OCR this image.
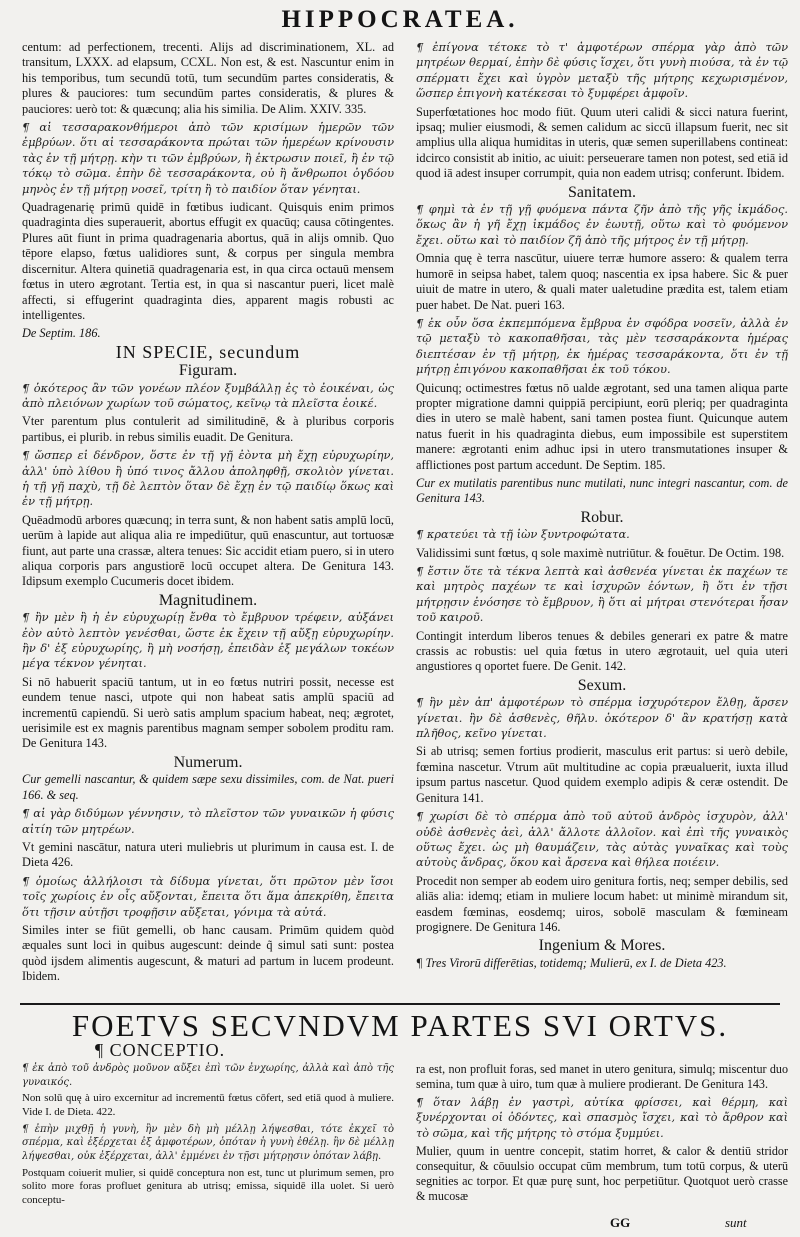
HIPPOCRATEA.

centum: ad perfectionem, trecenti. Alijs ad discriminationem, XL. ad transitum, LXXX. ad elapsum, CCXL. Non est, & est. Nascuntur enim in his temporibus, tum secundū totū, tum secundūm partes consideratis, & plures & pauciores: tum secundūm partes consideratis, & plures & pauciores: uerò tot: & quæcunq; alia his similia. De Alim. XXIV. 335.

¶ αἱ τεσσαρακονθήμεροι ἀπὸ τῶν κρισίμων ἡμερῶν τῶν ἐμβρύων. ὅτι αἱ τεσσαράκοντα πρώται τῶν ἡμερέων κρίνουσιν τὰς ἐν τῇ μήτρῃ. κὴν τι τῶν ἐμβρύων, ἢ ἐκτρωσιν ποιεῖ, ἢ ἐν τῷ τόκῳ τὸ σῶμα. ἐπὴν δὲ τεσσαράκοντα, οὐ ἢ ἄνθρωποι ὀγδόου μηνὸς ἐν τῇ μήτρῃ νοσεῖ, τρίτη ἢ τὸ παιδίον ὅταν γένηται.

Quadragenarię primū quidē in fœtibus iudicant. Quisquis enim primos quadraginta dies superauerit, abortus effugit ex quacūq; causa cōtingentes. Plures aūt fiunt in prima quadragenaria abortus, quā in alijs omnib. Quo tēpore elapso, fœtus ualidiores sunt, & corpus per singula membra discernitur. Altera quinetiā quadragenaria est, in qua circa octauū mensem fœtus in utero ægrotant. Tertia est, in qua si nascantur pueri, licet malè affecti, si effugerint quadraginta dies, apparent magis robusti ac intelligentes.

De Septim. 186.

IN SPECIE, secundum
Figuram.

¶ ὁκότερος ἂν τῶν γονέων πλέον ξυμβάλλῃ ἐς τὸ ἐοικέναι, ὡς ἀπὸ πλειόνων χωρίων τοῦ σώματος, κεῖνῳ τὰ πλεῖστα ἐοικέ.

Vter parentum plus contulerit ad similitudinē, & à pluribus corporis partibus, ei plurib. in rebus similis euadit. De Genitura.

¶ ὥσπερ εἰ δένδρον, ὅστε ἐν τῇ γῇ ἐὸντα μὴ ἔχῃ εὐρυχωρίην, ἀλλ' ὑπὸ λίθου ἢ ὑπό τινος ἄλλου ἀποληφθῇ, σκολιὸν γίνεται. ἡ τῇ γῇ παχὺ, τῇ δὲ λεπτὸν ὅταν δὲ ἔχῃ ἐν τῷ παιδίῳ ὅκως καὶ ἐν τῇ μήτρῃ.

Quēadmodū arbores quæcunq; in terra sunt, & non habent satis amplū locū, uerūm à lapide aut aliqua alia re impediūtur, quū enascuntur, aut tortuosæ fiunt, aut parte una crassæ, altera tenues: Sic accidit etiam puero, si in utero aliqua corporis pars angustiorē locū occupet altera. De Genitura 143. Idipsum exemplo Cucumeris docet ibidem.

Magnitudinem.

¶ ἢν μὲν ἢ ἡ ἐν εὐρυχωρίῃ ἔνθα τὸ ἔμβρυον τρέφειν, αὐξάνει ἐὸν αὐτὸ λεπτὸν γενέσθαι, ὥστε ἐκ ἔχειν τῇ αὔξῃ εὐρυχωρίην. ἢν δ' ἐξ εὐρυχωρίης, ἢ μὴ νοσήσῃ, ἐπειδὰν ἐξ μεγάλων τοκέων μέγα τέκνον γένηται.

Si nō habuerit spaciū tantum, ut in eo fœtus nutriri possit, necesse est eundem tenue nasci, utpote qui non habeat satis amplū spaciū ad incrementū capiendū. Si uerò satis amplum spacium habeat, neq; ægrotet, uerisimile est ex magnis parentibus magnam semper sobolem proditu ram. De Genitura 143.

Numerum.

Cur gemelli nascantur, & quidem sæpe sexu dissimiles, com. de Nat. pueri 166. & seq.

¶ αἱ γὰρ διδύμων γέννησιν, τὸ πλεῖστον τῶν γυναικῶν ἡ φύσις αἰτίη τῶν μητρέων.

Vt gemini nascātur, natura uteri muliebris ut plurimum in causa est. I. de Dieta 426.

¶ ὁμοίως ἀλλήλοισι τὰ δίδυμα γίνεται, ὅτι πρῶτον μὲν ἴσοι τοῖς χωρίοις ἐν οἷς αὔξονται, ἔπειτα ὅτι ἅμα ἀπεκρίθη, ἔπειτα ὅτι τῇσιν αὐτῇσι τροφῇσιν αὔξεται, γόνιμα τὰ αὐτά.

Similes inter se fiūt gemelli, ob hanc causam. Primūm quidem quòd æquales sunt loci in quibus augescunt: deinde q̃ simul sati sunt: postea quòd ijsdem alimentis augescunt, & maturi ad partum in lucem prodeunt. Ibidem.

¶ ἐπίγονα τέτοκε τὸ τ' ἀμφοτέρων σπέρμα γὰρ ἀπὸ τῶν μητρέων θερμαί, ἐπὴν δὲ φύσις ἴσχει, ὅτι γυνὴ πιούσα, τὰ ἐν τῷ σπέρματι ἔχει καὶ ὑγρὸν μεταξὺ τῆς μήτρης κεχωρισμένον, ὥσπερ ἐπιγονὴ κατέκεσαι τὸ ξυμφέρει ἀμφοῖν.

Superfœtationes hoc modo fiūt. Quum uteri calidi & sicci natura fuerint, ipsaq; mulier eiusmodi, & semen calidum ac siccū illapsum fuerit, nec sit amplius ulla aliqua humiditas in uteris, quæ semen superillabens contineat: idcirco consistit ab initio, ac uiuit: perseuerare tamen non potest, sed etiā id quod iā adest insuper corrumpit, quia non eadem utrisq; conferunt. Ibidem.

Sanitatem.

¶ φημὶ τὰ ἐν τῇ γῇ φυόμενα πάντα ζῆν ἀπὸ τῆς γῆς ἰκμάδος. ὅκως ἂν ἡ γῆ ἔχῃ ἰκμάδος ἐν ἑωυτῇ, οὕτω καὶ τὸ φυόμενον ἔχει. οὕτω καὶ τὸ παιδίον ζῆ ἀπὸ τῆς μήτρος ἐν τῇ μήτρῃ.

Omnia quę è terra nascūtur, uiuere terræ humore assero: & qualem terra humorē in seipsa habet, talem quoq; nascentia ex ipsa habere. Sic & puer uiuit de matre in utero, & quali mater ualetudine prædita est, talem etiam puer habet. De Nat. pueri 163.

¶ ἐκ οὖν ὅσα ἐκπεμπόμενα ἔμβρυα ἐν σφόδρα νοσεῖν, ἀλλὰ ἐν τῷ μεταξὺ τὸ κακοπαθῆσαι, τὰς μὲν τεσσαράκοντα ἡμέρας διεπτέσαν ἐν τῇ μήτρῃ, ἐκ ἡμέρας τεσσαράκοντα, ὅτι ἐν τῇ μήτρῃ ἐπιγόνου κακοπαθῆσαι ἐκ τοῦ τόκου.

Quicunq; octimestres fœtus nō ualde ægrotant, sed una tamen aliqua parte propter migratione damni quippiā percipiunt, eorū pleriq; per quadraginta dies in utero se malè habent, sani tamen postea fiunt. Quicunque autem natus fuerit in his quadraginta diebus, eum impossibile est superstitem manere: ægrotanti enim adhuc ipsi in utero transmutationes insuper & afflictiones post partum accedunt. De Septim. 185.

Cur ex mutilatis parentibus nunc mutilati, nunc integri nascantur, com. de Genitura 143.

Robur.

¶ κρατεύει τὰ τῇ ἰὼν ξυντροφώτατα.

Validissimi sunt fœtus, q sole maximè nutriūtur. & fouētur. De Octim. 198.

¶ ἔστιν ὅτε τὰ τέκνα λεπτὰ καὶ ἀσθενέα γίνεται ἐκ παχέων τε καὶ μητρὸς παχέων τε καὶ ἰσχυρῶν ἐόντων, ἢ ὅτι ἐν τῇσι μήτρῃσιν ἐνόσησε τὸ ἔμβρυον, ἢ ὅτι αἱ μήτραι στενότεραι ἦσαν τοῦ καιροῦ.

Contingit interdum liberos tenues & debiles generari ex patre & matre crassis ac robustis: uel quia fœtus in utero ægrotauit, uel quia uteri angustiores q oportet fuere. De Genit. 142.

Sexum.

¶ ἢν μὲν ἀπ' ἀμφοτέρων τὸ σπέρμα ἰσχυρότερον ἔλθῃ, ἄρσεν γίνεται. ἢν δὲ ἀσθενὲς, θῆλυ. ὁκότερον δ' ἂν κρατήσῃ κατὰ πλῆθος, κεῖνο γίνεται.

Si ab utrisq; semen fortius prodierit, masculus erit partus: si uerò debile, fœmina nascetur. Vtrum aūt multitudine ac copia præualuerit, iuxta illud ipsum partus nascetur. Quod quidem exemplo adipis & ceræ ostendit. De Genitura 141.

¶ χωρίσι δὲ τὸ σπέρμα ἀπὸ τοῦ αὐτοῦ ἀνδρὸς ἰσχυρὸν, ἀλλ' οὐδὲ ἀσθενὲς ἀεὶ, ἀλλ' ἄλλοτε ἀλλοῖον. καὶ ἐπὶ τῆς γυναικὸς οὕτως ἔχει. ὡς μὴ θαυμάζειν, τὰς αὐτὰς γυναῖκας καὶ τοὺς αὐτοὺς ἄνδρας, ὅκου καὶ ἄρσενα καὶ θήλεα ποιέειν.

Procedit non semper ab eodem uiro genitura fortis, neq; semper debilis, sed aliās alia: idemq; etiam in muliere locum habet: ut minimè mirandum sit, easdem fœminas, eosdemq; uiros, sobolē masculam & fœmineam progignere. De Genitura 146.

Ingenium & Mores.

¶ Tres Virorū differētias, totidemq; Mulierū, ex I. de Dieta 423.

FOETVS SECVNDVM PARTES SVI ORTVS.
¶ CONCEPTIO.

¶ ἐκ ἀπὸ τοῦ ἀνδρὸς μοῦνον αὔξει ἐπὶ τῶν ἐνχωρίης, ἀλλὰ καὶ ἀπὸ τῆς γυναικός.

Non solū quę à uiro excernitur ad incrementū fœtus cōfert, sed etiā quod à muliere. Vide I. de Dieta. 422.

¶ ἐπὴν μιχθῇ ἡ γυνὴ, ἢν μὲν δὴ μὴ μέλλῃ λήψεσθαι, τότε ἐκχεῖ τὸ σπέρμα, καὶ ἐξέρχεται ἐξ ἀμφοτέρων, ὁπόταν ἡ γυνὴ ἐθέλῃ. ἢν δὲ μέλλῃ λήψεσθαι, οὐκ ἐξέρχεται, ἀλλ' ἐμμένει ἐν τῇσι μήτρῃσιν ὁπόταν λάβῃ.

Postquam coiuerit mulier, si quidē conceptura non est, tunc ut plurimum semen, pro solito more foras profluet genitura ab utrisq; emissa, siquidē illa uolet. Si uerò conceptu-

ra est, non profluit foras, sed manet in utero genitura, simulq; miscentur duo semina, tum quæ à uiro, tum quæ à muliere prodierant. De Genitura 143.

¶ ὅταν λάβῃ ἐν γαστρὶ, αὐτίκα φρίσσει, καὶ θέρμη, καὶ ξυνέρχονται οἱ ὀδόντες, καὶ σπασμὸς ἴσχει, καὶ τὸ ἄρθρον καὶ τὸ σῶμα, καὶ τῆς μήτρης τὸ στόμα ξυμμύει.

Mulier, quum in uentre concepit, statim horret, & calor & dentiū stridor consequitur, & cōuulsio occupat cūm membrum, tum totū corpus, & uterū segnities ac torpor. Et quæ purę sunt, hoc perpetiūtur. Quotquot uerò crasse & mucosæ

GG	sunt
